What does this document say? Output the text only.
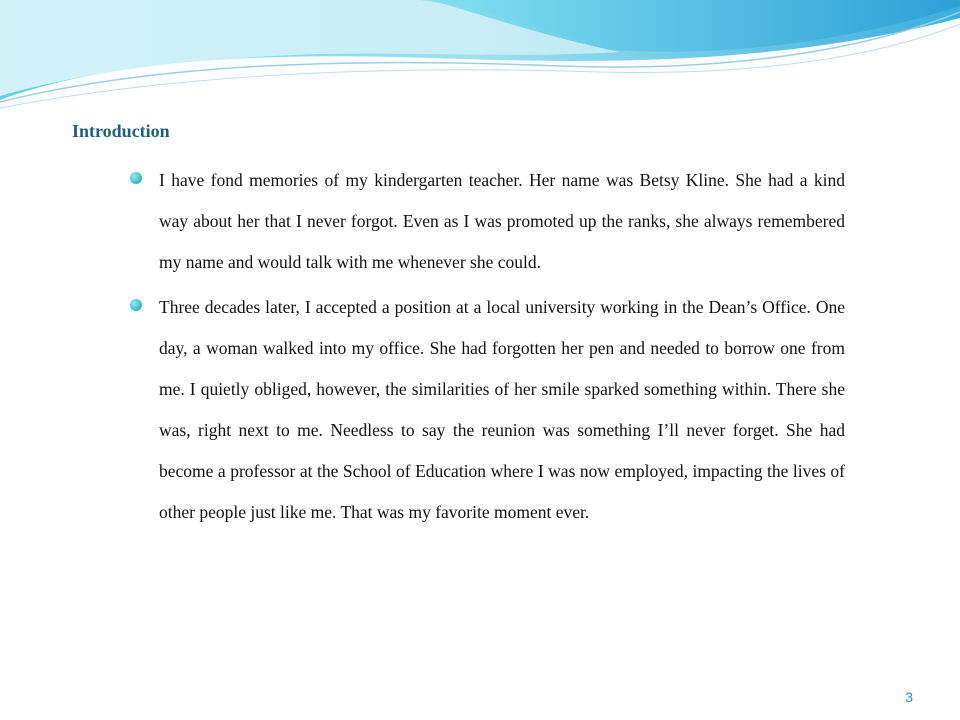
Introduction
I have fond memories of my kindergarten teacher. Her name was Betsy Kline. She had a kind way about her that I never forgot. Even as I was promoted up the ranks, she always remembered my name and would talk with me whenever she could.
Three decades later, I accepted a position at a local university working in the Dean’s Office. One day, a woman walked into my office. She had forgotten her pen and needed to borrow one from me. I quietly obliged, however, the similarities of her smile sparked something within. There she was, right next to me. Needless to say the reunion was something I’ll never forget. She had become a professor at the School of Education where I was now employed, impacting the lives of other people just like me. That was my favorite moment ever.
3
